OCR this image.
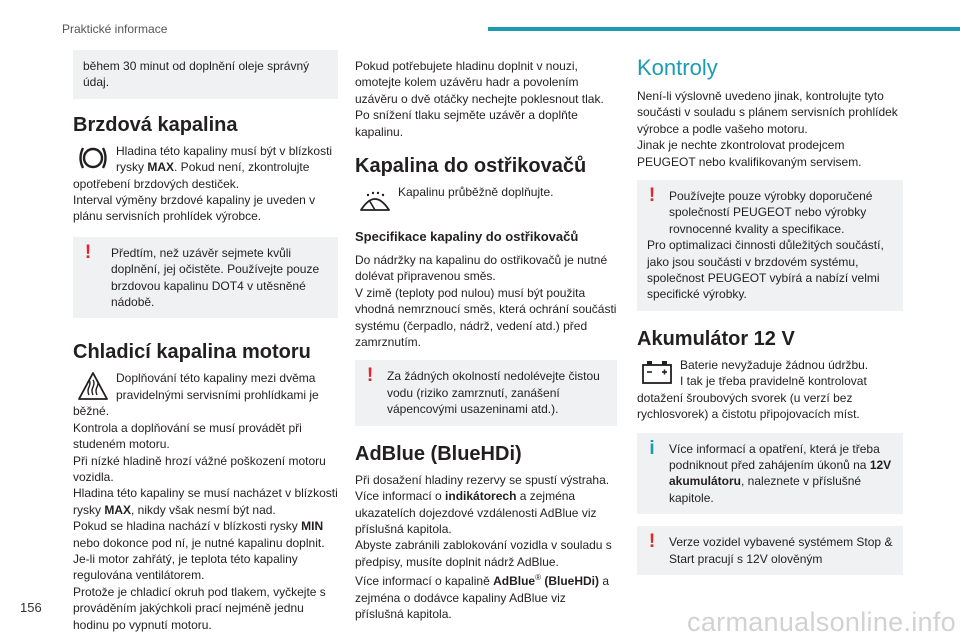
Praktické informace

během 30 minut od doplnění oleje správný údaj.

Brzdová kapalina

Hladina této kapaliny musí být v blízkosti rysky MAX. Pokud není, zkontrolujte opotřebení brzdových destiček.

Interval výměny brzdové kapaliny je uveden v plánu servisních prohlídek výrobce.

!	Předtím, než uzávěr sejmete kvůli doplnění, jej očistěte. Používejte pouze brzdovou kapalinu DOT4 v utěsněné nádobě.

Chladicí kapalina motoru

Doplňování této kapaliny mezi dvěma pravidelnými servisními prohlídkami je běžné.

Kontrola a doplňování se musí provádět při studeném motoru.

Při nízké hladině hrozí vážné poškození motoru vozidla.

Hladina této kapaliny se musí nacházet v blízkosti rysky MAX, nikdy však nesmí být nad.

Pokud se hladina nachází v blízkosti rysky MIN nebo dokonce pod ní, je nutné kapalinu doplnit.

Je-li motor zahřátý, je teplota této kapaliny regulována ventilátorem.

Protože je chladicí okruh pod tlakem, vyčkejte s prováděním jakýchkoli prací nejméně jednu hodinu po vypnutí motoru.

Pokud potřebujete hladinu doplnit v nouzi, omotejte kolem uzávěru hadr a povolením uzávěru o dvě otáčky nechejte poklesnout tlak. Po snížení tlaku sejměte uzávěr a doplňte kapalinu.

Kapalina do ostřikovačů

Kapalinu průběžně doplňujte.

Specifikace kapaliny do ostřikovačů

Do nádržky na kapalinu do ostřikovačů je nutné dolévat připravenou směs.

V zimě (teploty pod nulou) musí být použita vhodná nemrznoucí směs, která ochrání součásti systému (čerpadlo, nádrž, vedení atd.) před zamrznutím.

!	Za žádných okolností nedolévejte čistou vodu (riziko zamrznutí, zanášení vápencovými usazeninami atd.).

AdBlue (BlueHDi)

Při dosažení hladiny rezervy se spustí výstraha.

Více informací o indikátorech a zejména ukazatelích dojezdové vzdálenosti AdBlue viz příslušná kapitola.

Abyste zabránili zablokování vozidla v souladu s předpisy, musíte doplnit nádrž AdBlue.

Více informací o kapalině AdBlue® (BlueHDi) a zejména o dodávce kapaliny AdBlue viz příslušná kapitola.

Kontroly

Není-li výslovně uvedeno jinak, kontrolujte tyto součásti v souladu s plánem servisních prohlídek výrobce a podle vašeho motoru.

Jinak je nechte zkontrolovat prodejcem PEUGEOT nebo kvalifikovaným servisem.

!	Používejte pouze výrobky doporučené společností PEUGEOT nebo výrobky rovnocenné kvality a specifikace.

Pro optimalizaci činnosti důležitých součástí, jako jsou součásti v brzdovém systému, společnost PEUGEOT vybírá a nabízí velmi specifické výrobky.

Akumulátor 12 V

Baterie nevyžaduje žádnou údržbu.

I tak je třeba pravidelně kontrolovat dotažení šroubových svorek (u verzí bez rychlosvorek) a čistotu připojovacích míst.

i	Více informací a opatření, která je třeba podniknout před zahájením úkonů na 12V akumulátoru, naleznete v příslušné kapitole.

!	Verze vozidel vybavené systémem Stop & Start pracují s 12V olověným

156	carmanualsonline.info
